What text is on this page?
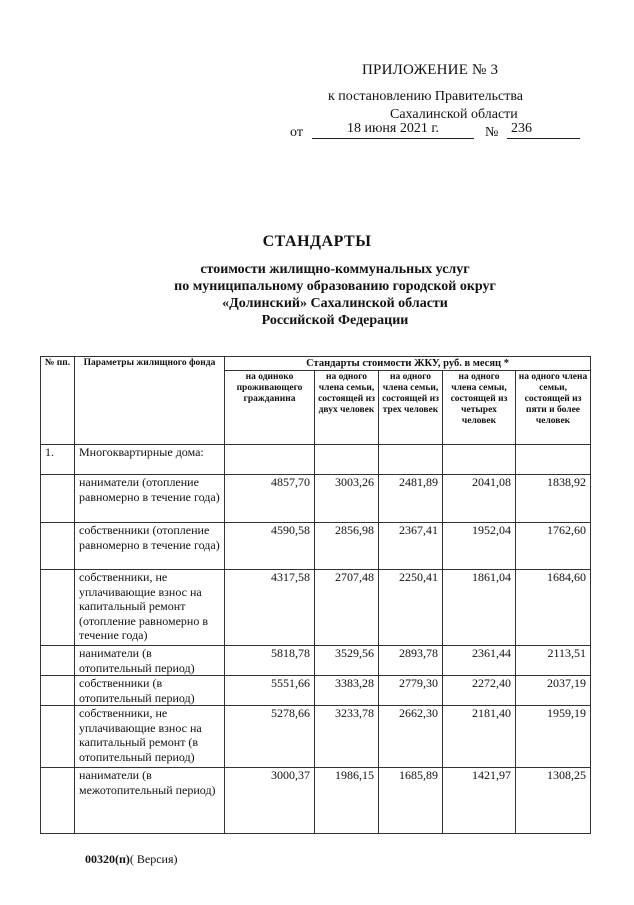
ПРИЛОЖЕНИЕ № 3
к постановлению Правительства
Сахалинской области
от	18 июня 2021 г.	№ 236
СТАНДАРТЫ
стоимости жилищно-коммунальных услуг
по муниципальному образованию городской округ
«Долинский» Сахалинской области
Российской Федерации
№ пп.	Параметры жилищного фонда	Стандарты стоимости ЖКУ, руб. в месяц *				
		на одиноко проживающего гражданина	на одного члена семьи, состоящей из двух человек	на одного члена семьи, состоящей из трех человек	на одного члена семьи, состоящей из четырех человек	на одного члена семьи, состоящей из пяти и более человек
1.	Многоквартирные дома:					
	наниматели (отопление равномерно в течение года)	4857,70	3003,26	2481,89	2041,08	1838,92
	собственники (отопление равномерно в течение года)	4590,58	2856,98	2367,41	1952,04	1762,60
	собственники, не уплачивающие взнос на капитальный ремонт (отопление равномерно в течение года)	4317,58	2707,48	2250,41	1861,04	1684,60
	наниматели (в отопительный период)	5818,78	3529,56	2893,78	2361,44	2113,51
	собственники (в отопительный период)	5551,66	3383,28	2779,30	2272,40	2037,19
	собственники, не уплачивающие взнос на капитальный ремонт (в отопительный период)	5278,66	3233,78	2662,30	2181,40	1959,19
	наниматели (в межотопительный период)	3000,37	1986,15	1685,89	1421,97	1308,25
00320(п)( Версия)
